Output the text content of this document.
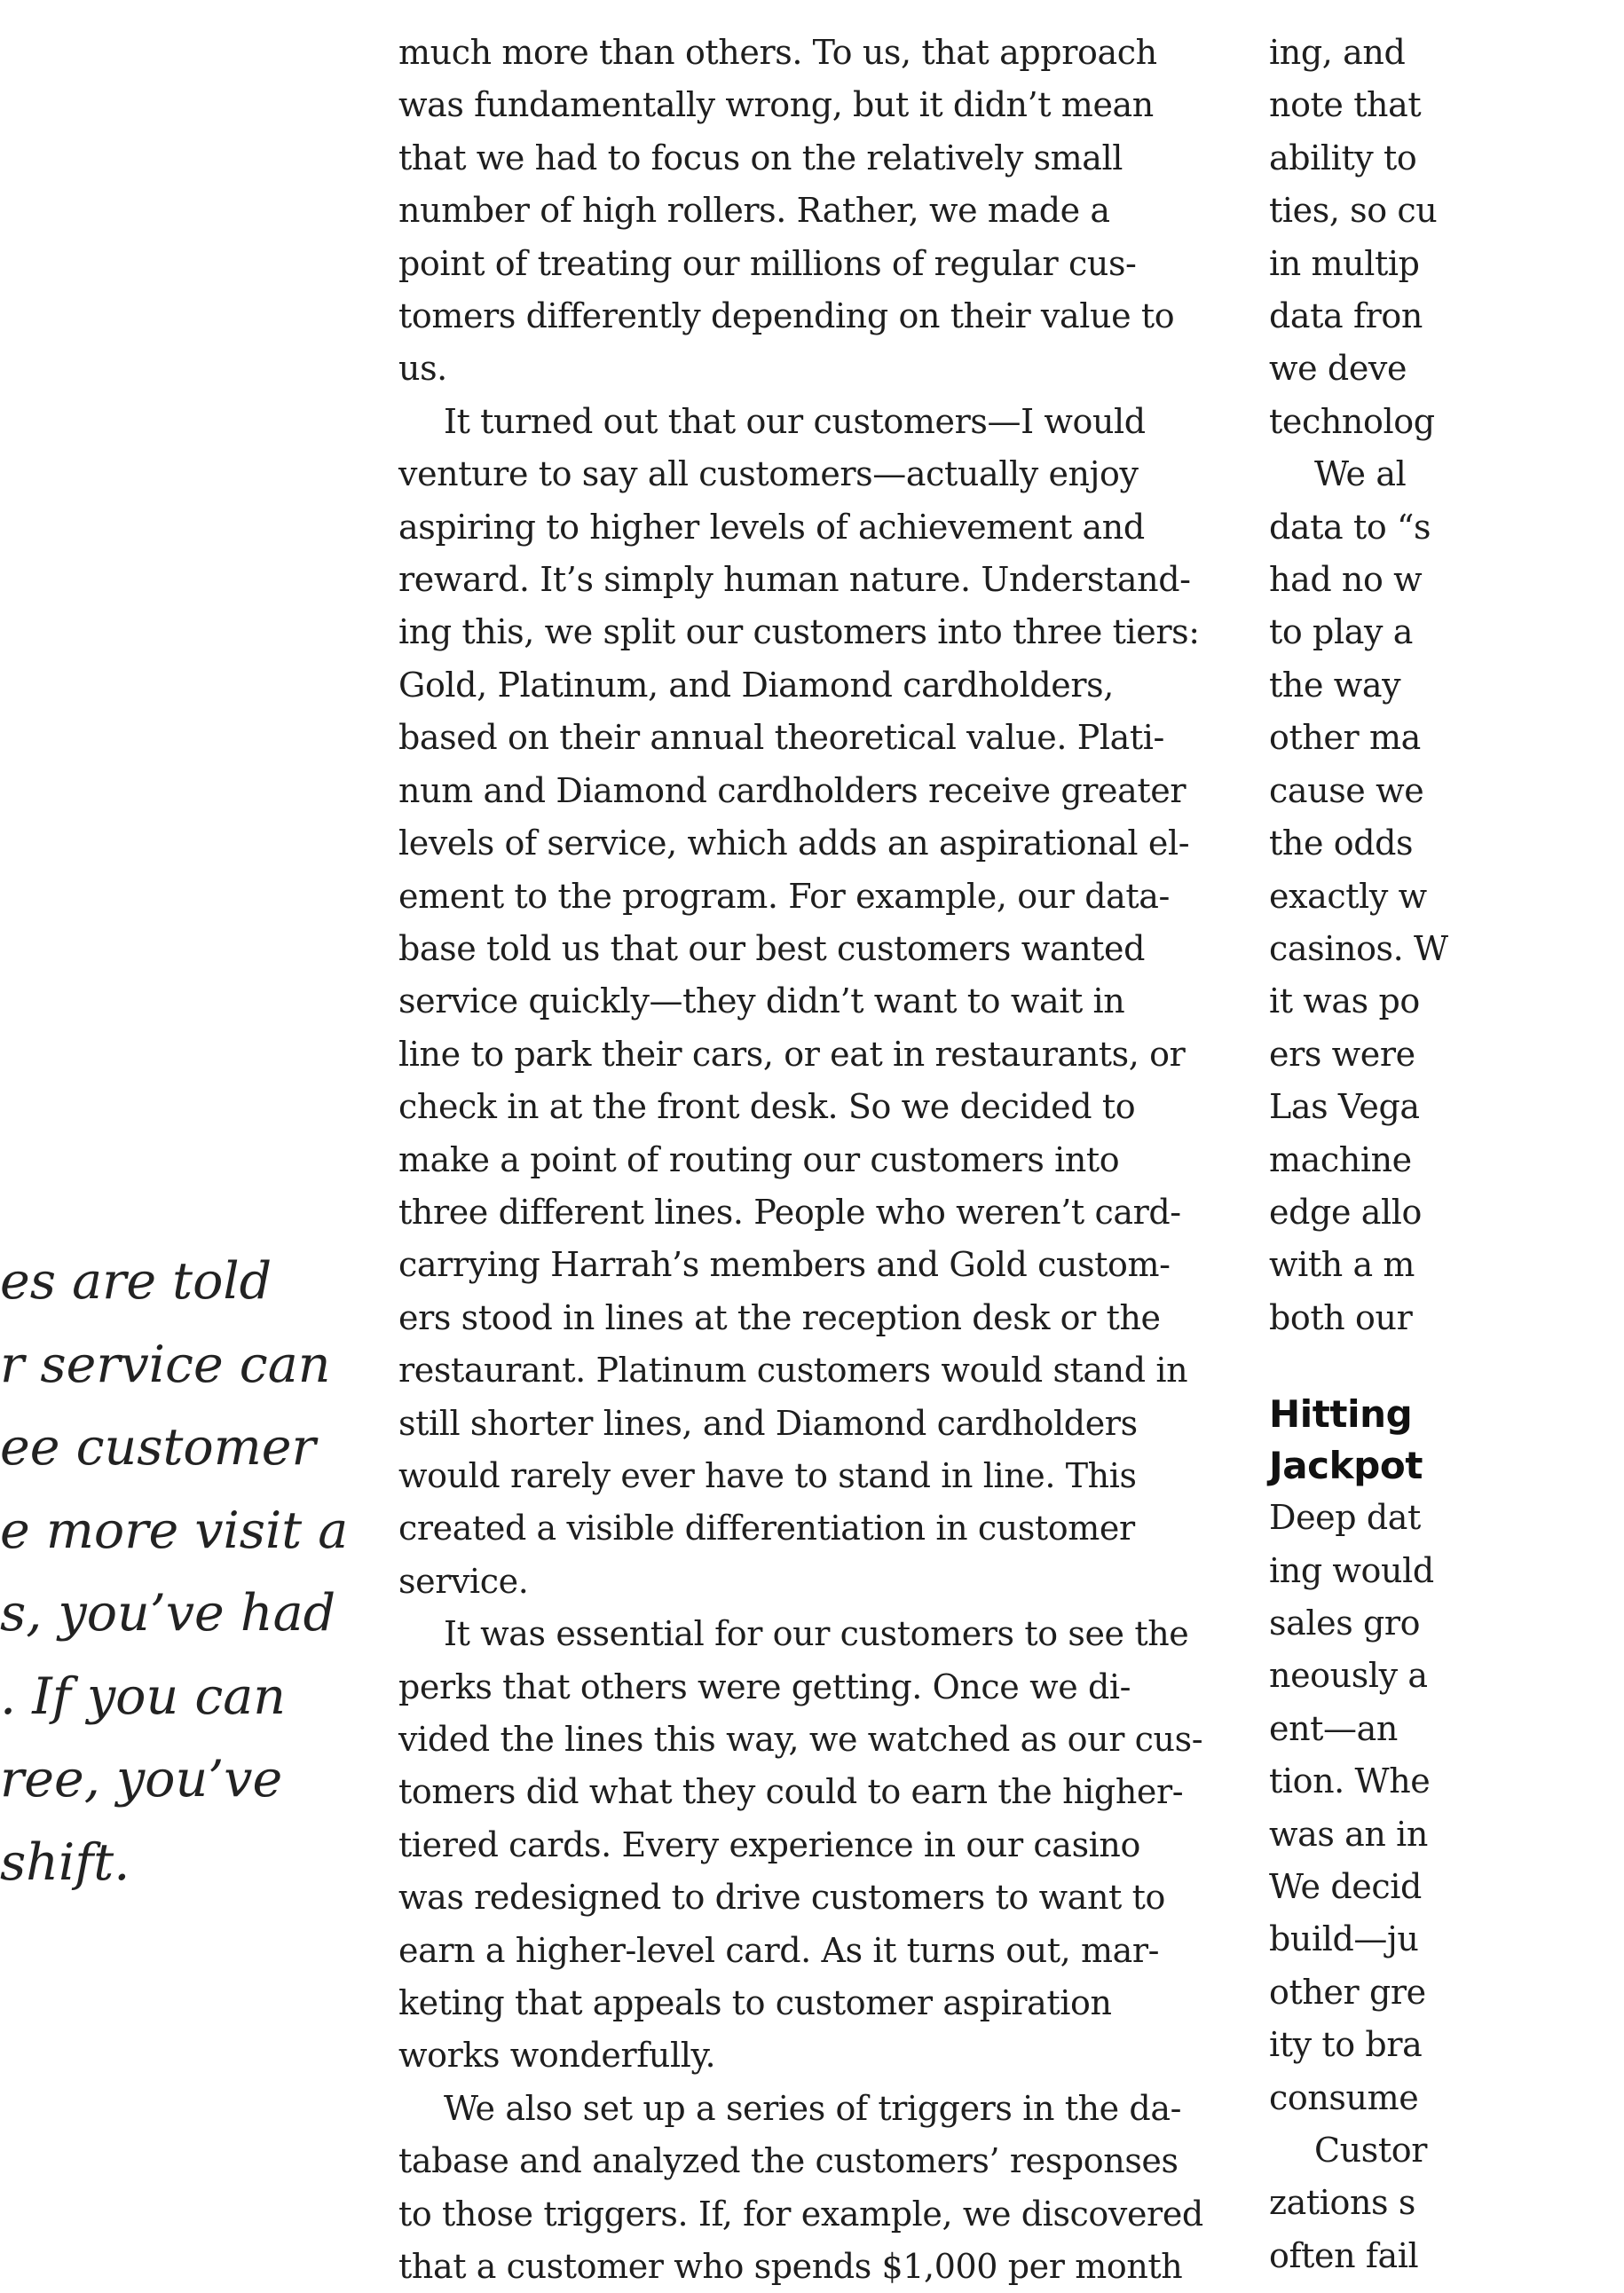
es are told
r service can
ee customer
e more visit a
s, you’ve had
. If you can
ree, you’ve
shift.
much more than others. To us, that approach
was fundamentally wrong, but it didn’t mean
that we had to focus on the relatively small
number of high rollers. Rather, we made a
point of treating our millions of regular cus-
tomers differently depending on their value to
us.
It turned out that our customers—I would
venture to say all customers—actually enjoy
aspiring to higher levels of achievement and
reward. It’s simply human nature. Understand-
ing this, we split our customers into three tiers:
Gold, Platinum, and Diamond cardholders,
based on their annual theoretical value. Plati-
num and Diamond cardholders receive greater
levels of service, which adds an aspirational el-
ement to the program. For example, our data-
base told us that our best customers wanted
service quickly—they didn’t want to wait in
line to park their cars, or eat in restaurants, or
check in at the front desk. So we decided to
make a point of routing our customers into
three different lines. People who weren’t card-
carrying Harrah’s members and Gold custom-
ers stood in lines at the reception desk or the
restaurant. Platinum customers would stand in
still shorter lines, and Diamond cardholders
would rarely ever have to stand in line. This
created a visible differentiation in customer
service.
It was essential for our customers to see the
perks that others were getting. Once we di-
vided the lines this way, we watched as our cus-
tomers did what they could to earn the higher-
tiered cards. Every experience in our casino
was redesigned to drive customers to want to
earn a higher-level card. As it turns out, mar-
keting that appeals to customer aspiration
works wonderfully.
We also set up a series of triggers in the da-
tabase and analyzed the customers’ responses
to those triggers. If, for example, we discovered
that a customer who spends $1,000 per month
ing, and
note that
ability to
ties, so cu
in multip
data fron
we deve
technolog
We al
data to “s
had no w
to play a
the way
other ma
cause we
the odds
exactly w
casinos. W
it was po
ers were
Las Vega
machine
edge allo
with a m
both our
Hitting
Jackpot
Deep dat
ing would
sales gro
neously a
ent—an
tion. Whe
was an in
We decid
build—ju
other gre
ity to bra
consume
Custor
zations s
often fail
